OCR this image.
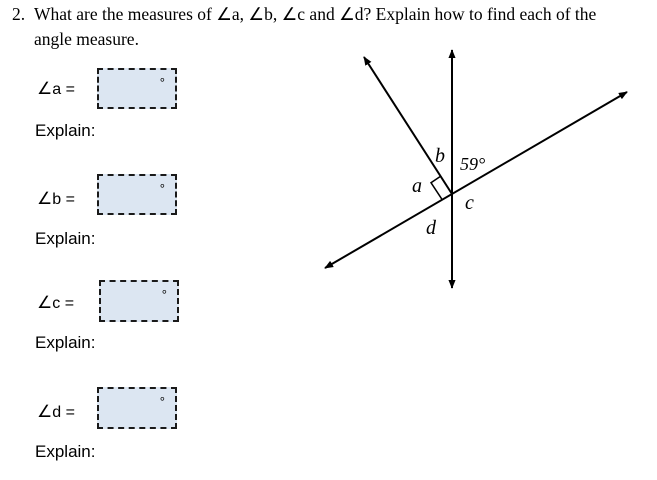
2. What are the measures of ∠a, ∠b, ∠c and ∠d? Explain how to find each of the
angle measure.
∠a =	°
Explain:
∠b =
°
Explain:
∠c =
°
Explain:
∠d =
°
Explain:
b 59°
a
c
d
